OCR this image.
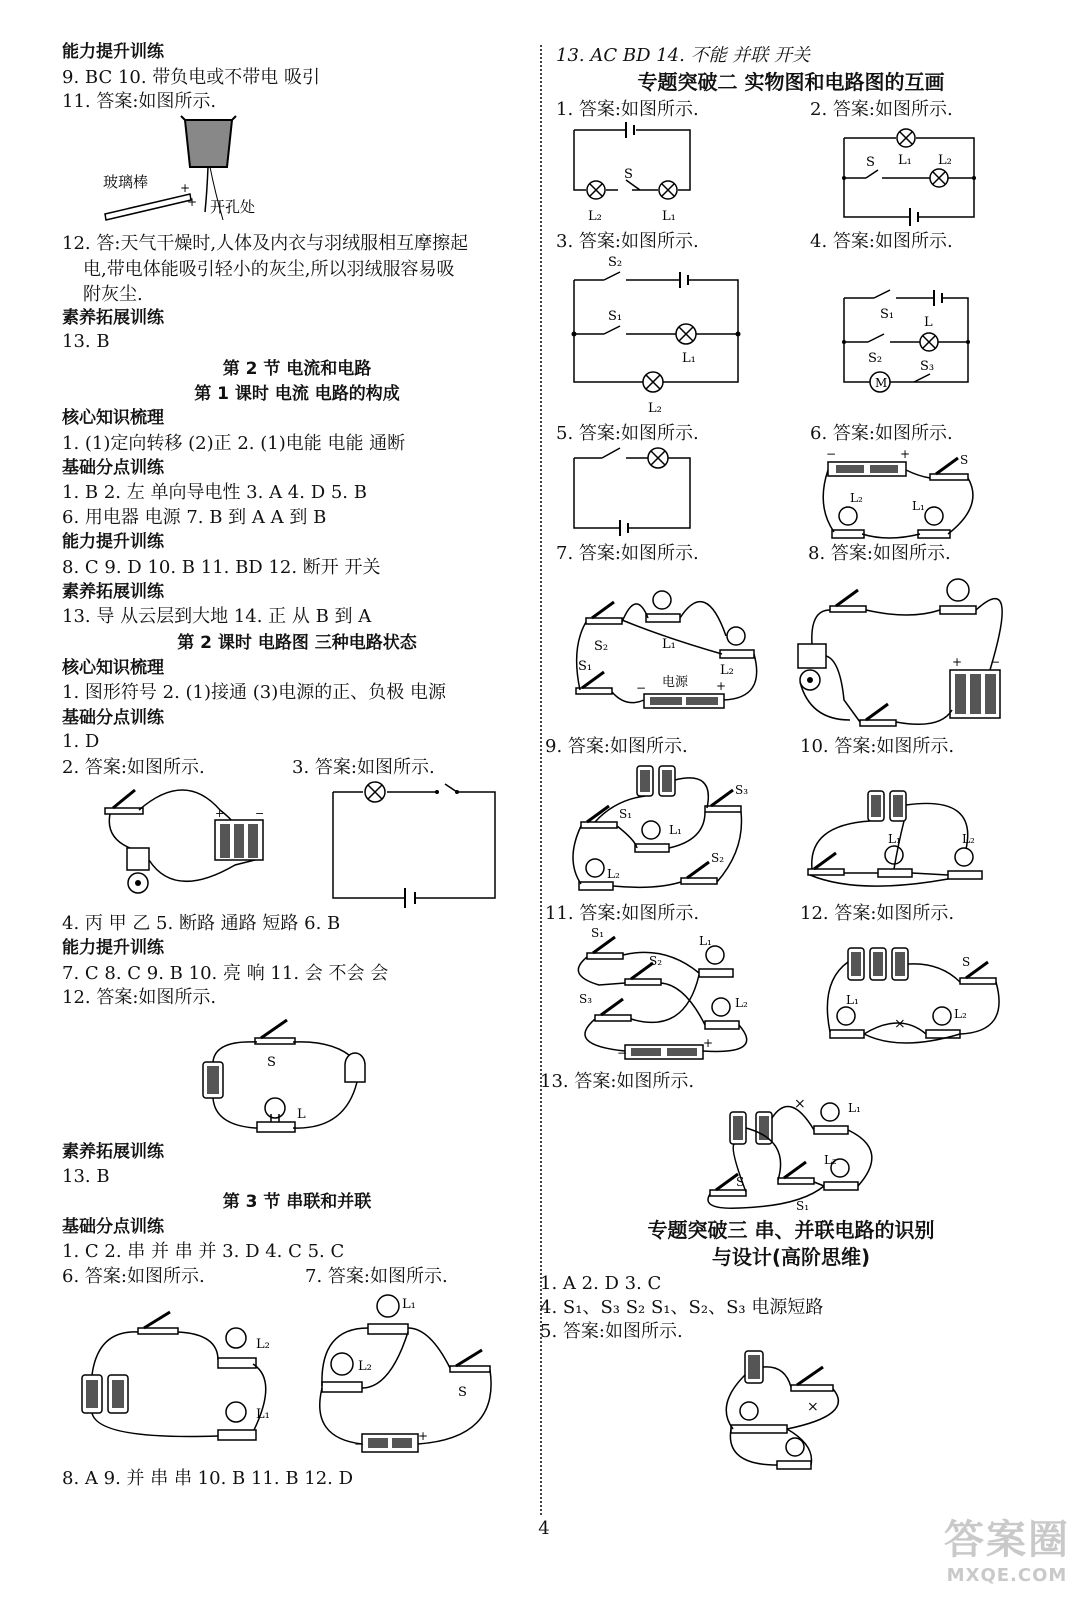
能力提升训练
9. BC 10. 带负电或不带电 吸引
11. 答案:如图所示.
+
+
玻璃棒
开孔处
12. 答:天气干燥时,人体及内衣与羽绒服相互摩擦起
电,带电体能吸引轻小的灰尘,所以羽绒服容易吸
附灰尘.
素养拓展训练
13. B
第 2 节 电流和电路
第 1 课时 电流 电路的构成
核心知识梳理
1. (1)定向转移 (2)正 2. (1)电能 电能 通断
基础分点训练
1. B 2. 左 单向导电性 3. A 4. D 5. B
6. 用电器 电源 7. B 到 A A 到 B
能力提升训练
8. C 9. D 10. B 11. BD 12. 断开 开关
素养拓展训练
13. 导 从云层到大地 14. 正 从 B 到 A
第 2 课时 电路图 三种电路状态
核心知识梳理
1. 图形符号 2. (1)接通 (3)电源的正、负极 电源
基础分点训练
1. D
2. 答案:如图所示.	3. 答案:如图所示.
+	−
4. 丙 甲 乙 5. 断路 通路 短路 6. B
能力提升训练
7. C 8. C 9. B 10. 亮 响 11. 会 不会 会
12. 答案:如图所示.
S
L
素养拓展训练
13. B
第 3 节 串联和并联
基础分点训练
1. C 2. 串 并 串 并 3. D 4. C 5. C
6. 答案:如图所示.	7. 答案:如图所示.
L₂
L₁
L₁
L₂
S
−
+
8. A 9. 并 串 串 10. B 11. B 12. D
13. AC BD 14. 不能 并联 开关
专题突破二 实物图和电路图的互画
1. 答案:如图所示.	2. 答案:如图所示.
S
L₂	L₁
S L₁ L₂
3. 答案:如图所示.	4. 答案:如图所示.
S₂
S₁
L₁
L₂
M
S₁
L
S₂
S₃
5. 答案:如图所示.	6. 答案:如图所示.
−	+	S
L₂
L₁
7. 答案:如图所示.	8. 答案:如图所示.
S₂
S₁
L₁
L₂
电源
−	+
+ −
9. 答案:如图所示.	10. 答案:如图所示.
S₁
S₃
L₁
L₂
S₂
L₁	L₂
11. 答案:如图所示.	12. 答案:如图所示.
S₁
S₂
S₃
L₁
L₂
−
+
S
L₁
L₂
×
13. 答案:如图所示.
L₁
×
L₂
S
S₁
专题突破三 串、并联电路的识别
与设计(高阶思维)
1. A 2. D 3. C
4. S₁、S₃ S₂ S₁、S₂、S₃ 电源短路
5. 答案:如图所示.
×
4	答案圈
MXQE.COM
